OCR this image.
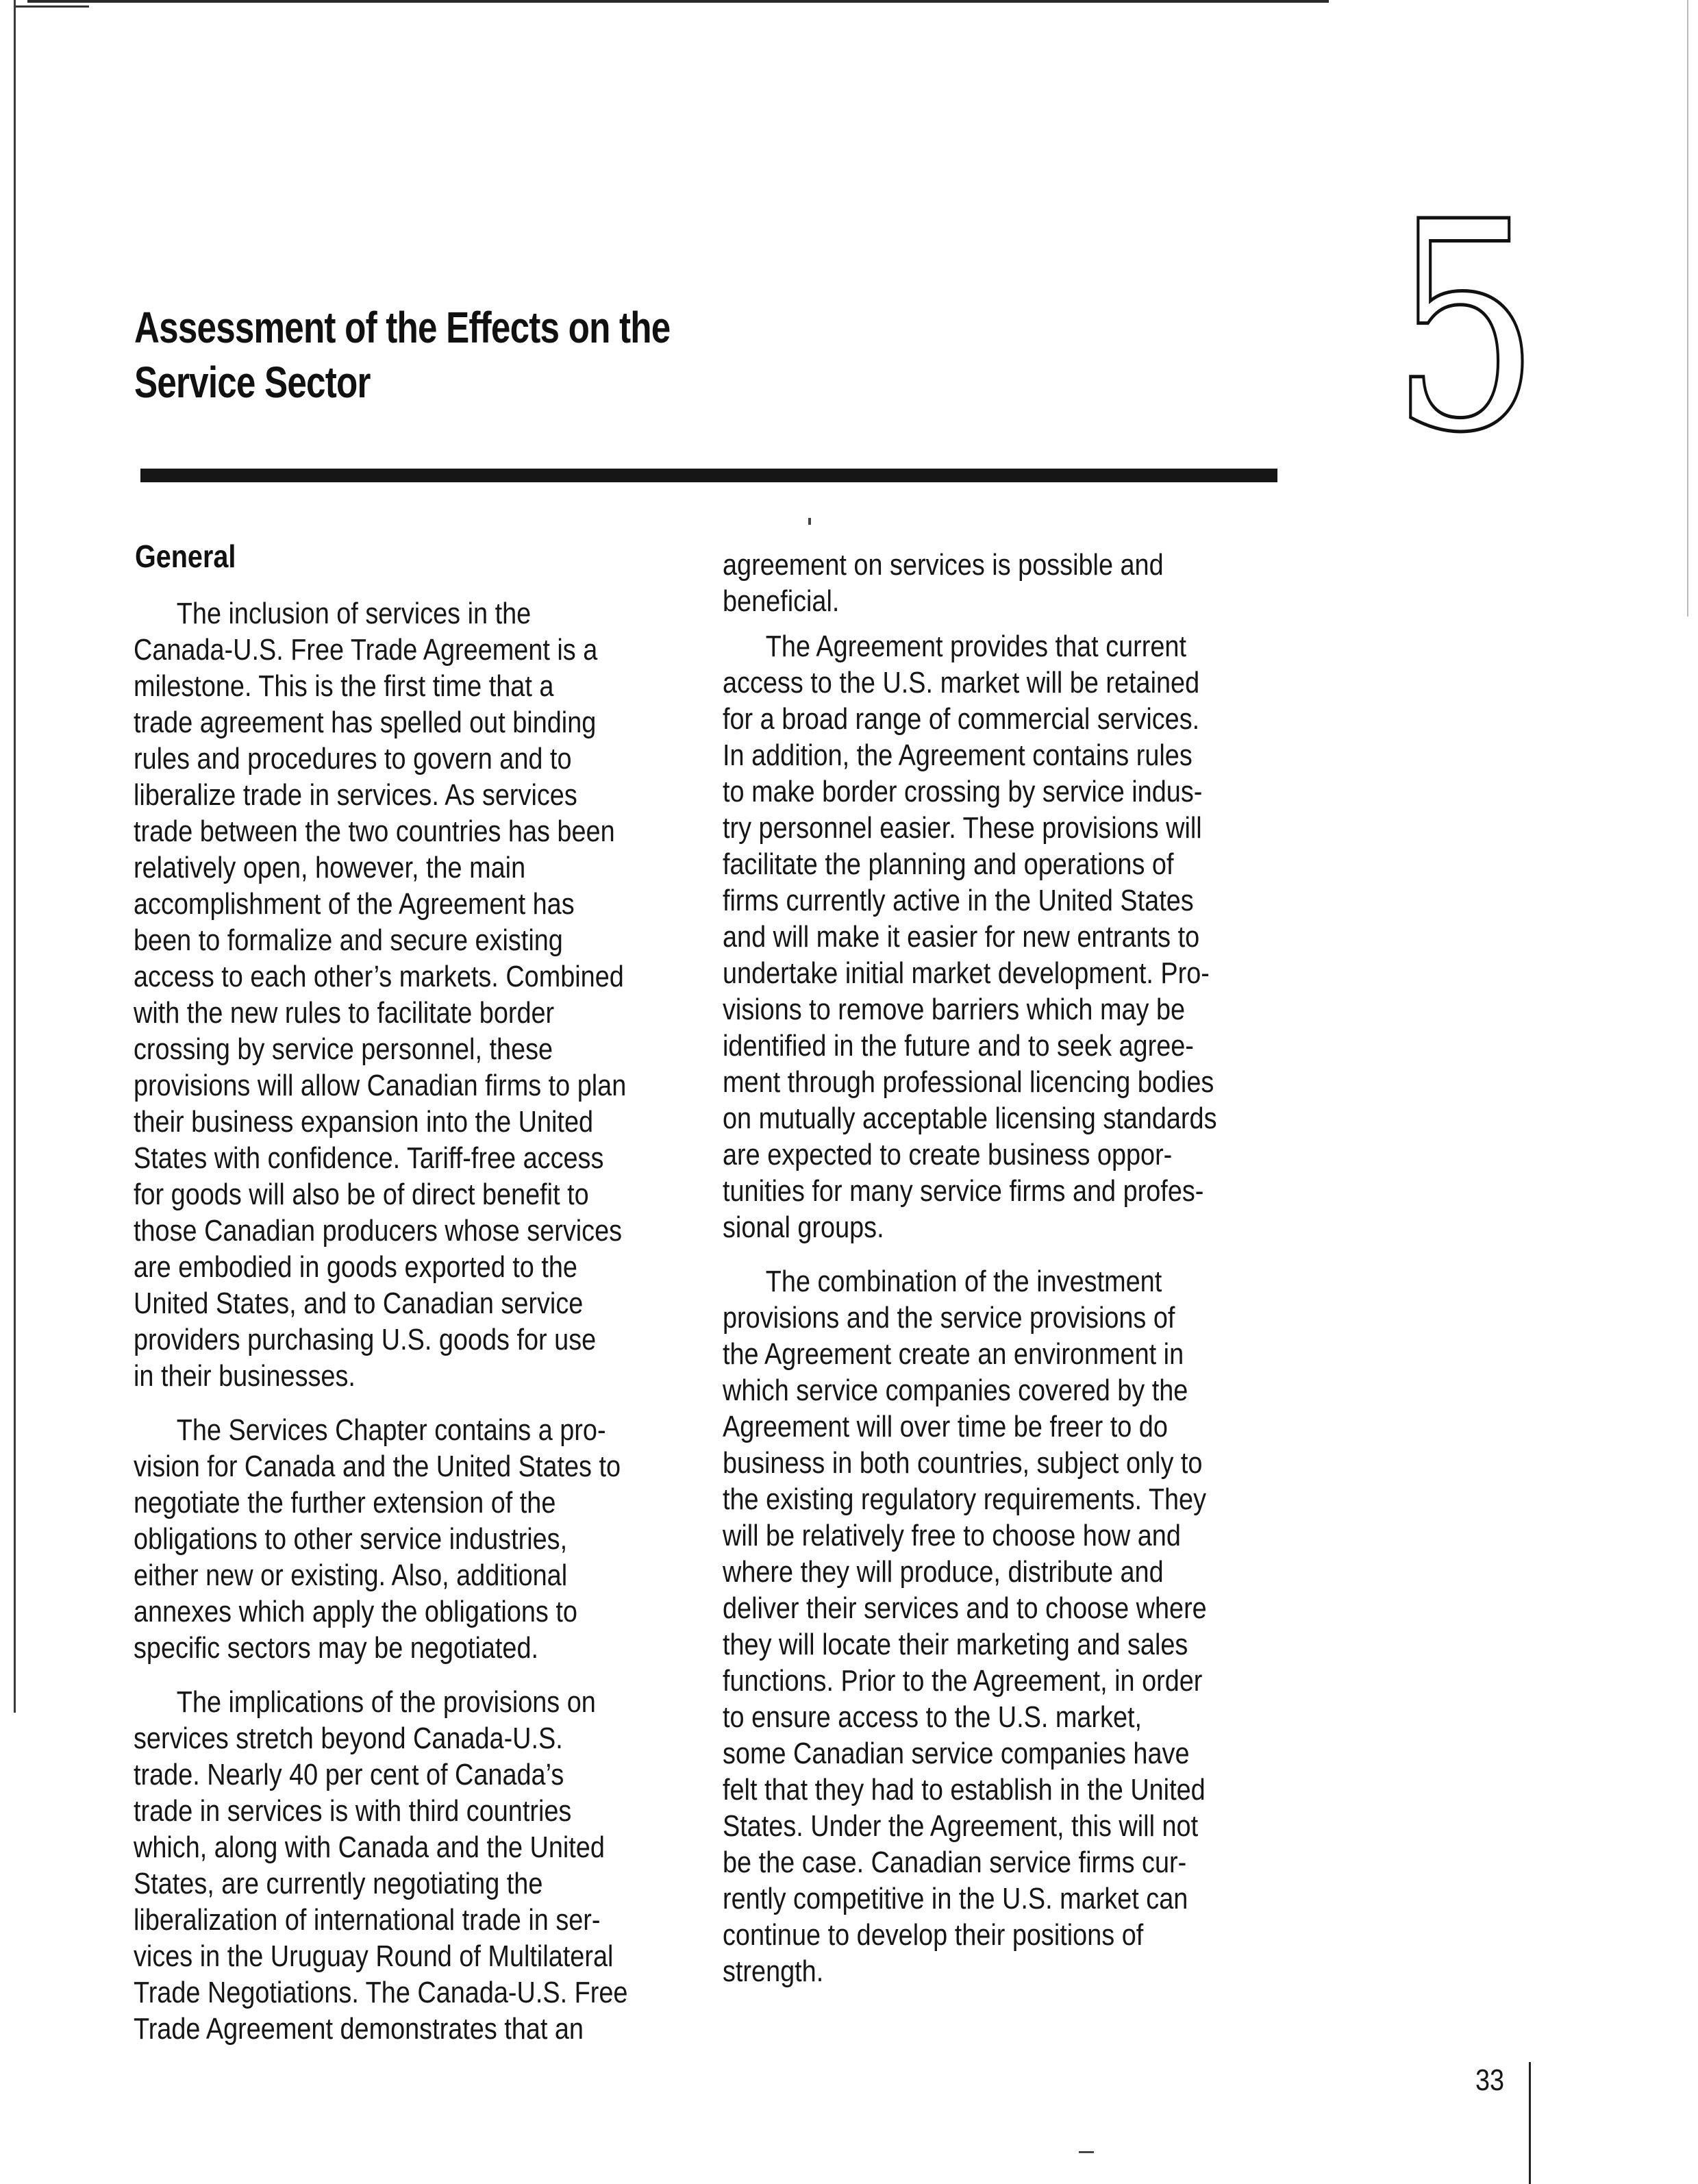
Assessment of the Effects on the
Service Sector	5
General

The inclusion of services in the
Canada-U.S. Free Trade Agreement is a
milestone. This is the first time that a
trade agreement has spelled out binding
rules and procedures to govern and to
liberalize trade in services. As services
trade between the two countries has been
relatively open, however, the main
accomplishment of the Agreement has
been to formalize and secure existing
access to each other’s markets. Combined
with the new rules to facilitate border
crossing by service personnel, these
provisions will allow Canadian firms to plan
their business expansion into the United
States with confidence. Tariff-free access
for goods will also be of direct benefit to
those Canadian producers whose services
are embodied in goods exported to the
United States, and to Canadian service
providers purchasing U.S. goods for use
in their businesses.

The Services Chapter contains a pro-
vision for Canada and the United States to
negotiate the further extension of the
obligations to other service industries,
either new or existing. Also, additional
annexes which apply the obligations to
specific sectors may be negotiated.

The implications of the provisions on
services stretch beyond Canada-U.S.
trade. Nearly 40 per cent of Canada’s
trade in services is with third countries
which, along with Canada and the United
States, are currently negotiating the
liberalization of international trade in ser-
vices in the Uruguay Round of Multilateral
Trade Negotiations. The Canada-U.S. Free
Trade Agreement demonstrates that an

agreement on services is possible and
beneficial.

The Agreement provides that current
access to the U.S. market will be retained
for a broad range of commercial services.
In addition, the Agreement contains rules
to make border crossing by service indus-
try personnel easier. These provisions will
facilitate the planning and operations of
firms currently active in the United States
and will make it easier for new entrants to
undertake initial market development. Pro-
visions to remove barriers which may be
identified in the future and to seek agree-
ment through professional licencing bodies
on mutually acceptable licensing standards
are expected to create business oppor-
tunities for many service firms and profes-
sional groups.

The combination of the investment
provisions and the service provisions of
the Agreement create an environment in
which service companies covered by the
Agreement will over time be freer to do
business in both countries, subject only to
the existing regulatory requirements. They
will be relatively free to choose how and
where they will produce, distribute and
deliver their services and to choose where
they will locate their marketing and sales
functions. Prior to the Agreement, in order
to ensure access to the U.S. market,
some Canadian service companies have
felt that they had to establish in the United
States. Under the Agreement, this will not
be the case. Canadian service firms cur-
rently competitive in the U.S. market can
continue to develop their positions of
strength.

33
